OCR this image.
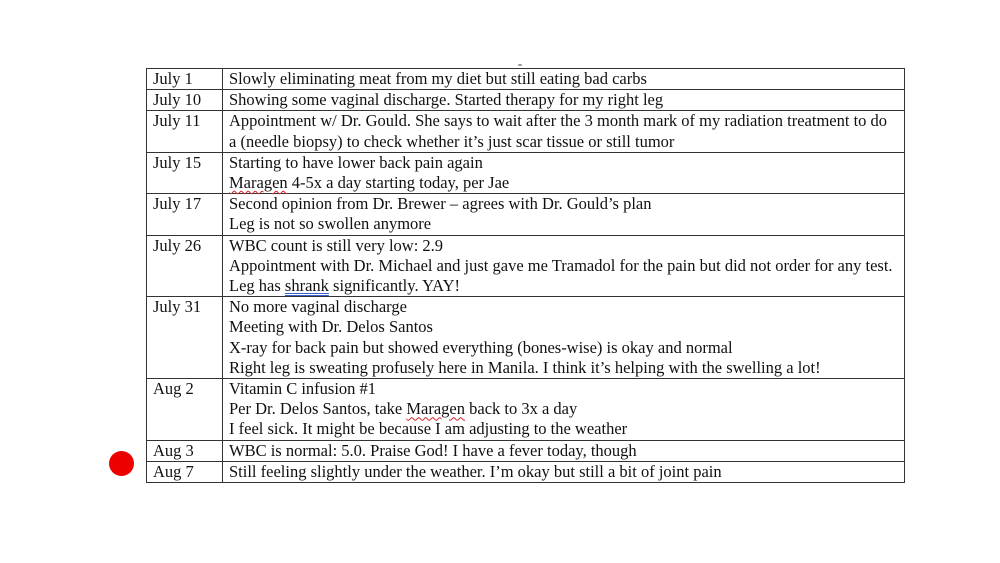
July 1	Slowly eliminating meat from my diet but still eating bad carbs

July 10	Showing some vaginal discharge. Started therapy for my right leg

July 11	Appointment w/ Dr. Gould. She says to wait after the 3 month mark of my radiation treatment to do a (needle biopsy) to check whether it’s just scar tissue or still tumor

July 15	Starting to have lower back pain again
Maragen 4-5x a day starting today, per Jae

July 17	Second opinion from Dr. Brewer – agrees with Dr. Gould’s plan
Leg is not so swollen anymore

July 26	WBC count is still very low: 2.9
Appointment with Dr. Michael and just gave me Tramadol for the pain but did not order for any test.
Leg has shrank significantly. YAY!

July 31	No more vaginal discharge
Meeting with Dr. Delos Santos
X-ray for back pain but showed everything (bones-wise) is okay and normal
Right leg is sweating profusely here in Manila. I think it’s helping with the swelling a lot!

Aug 2	Vitamin C infusion #1
Per Dr. Delos Santos, take Maragen back to 3x a day
I feel sick. It might be because I am adjusting to the weather

Aug 3	WBC is normal: 5.0. Praise God! I have a fever today, though

Aug 7	Still feeling slightly under the weather. I’m okay but still a bit of joint pain
